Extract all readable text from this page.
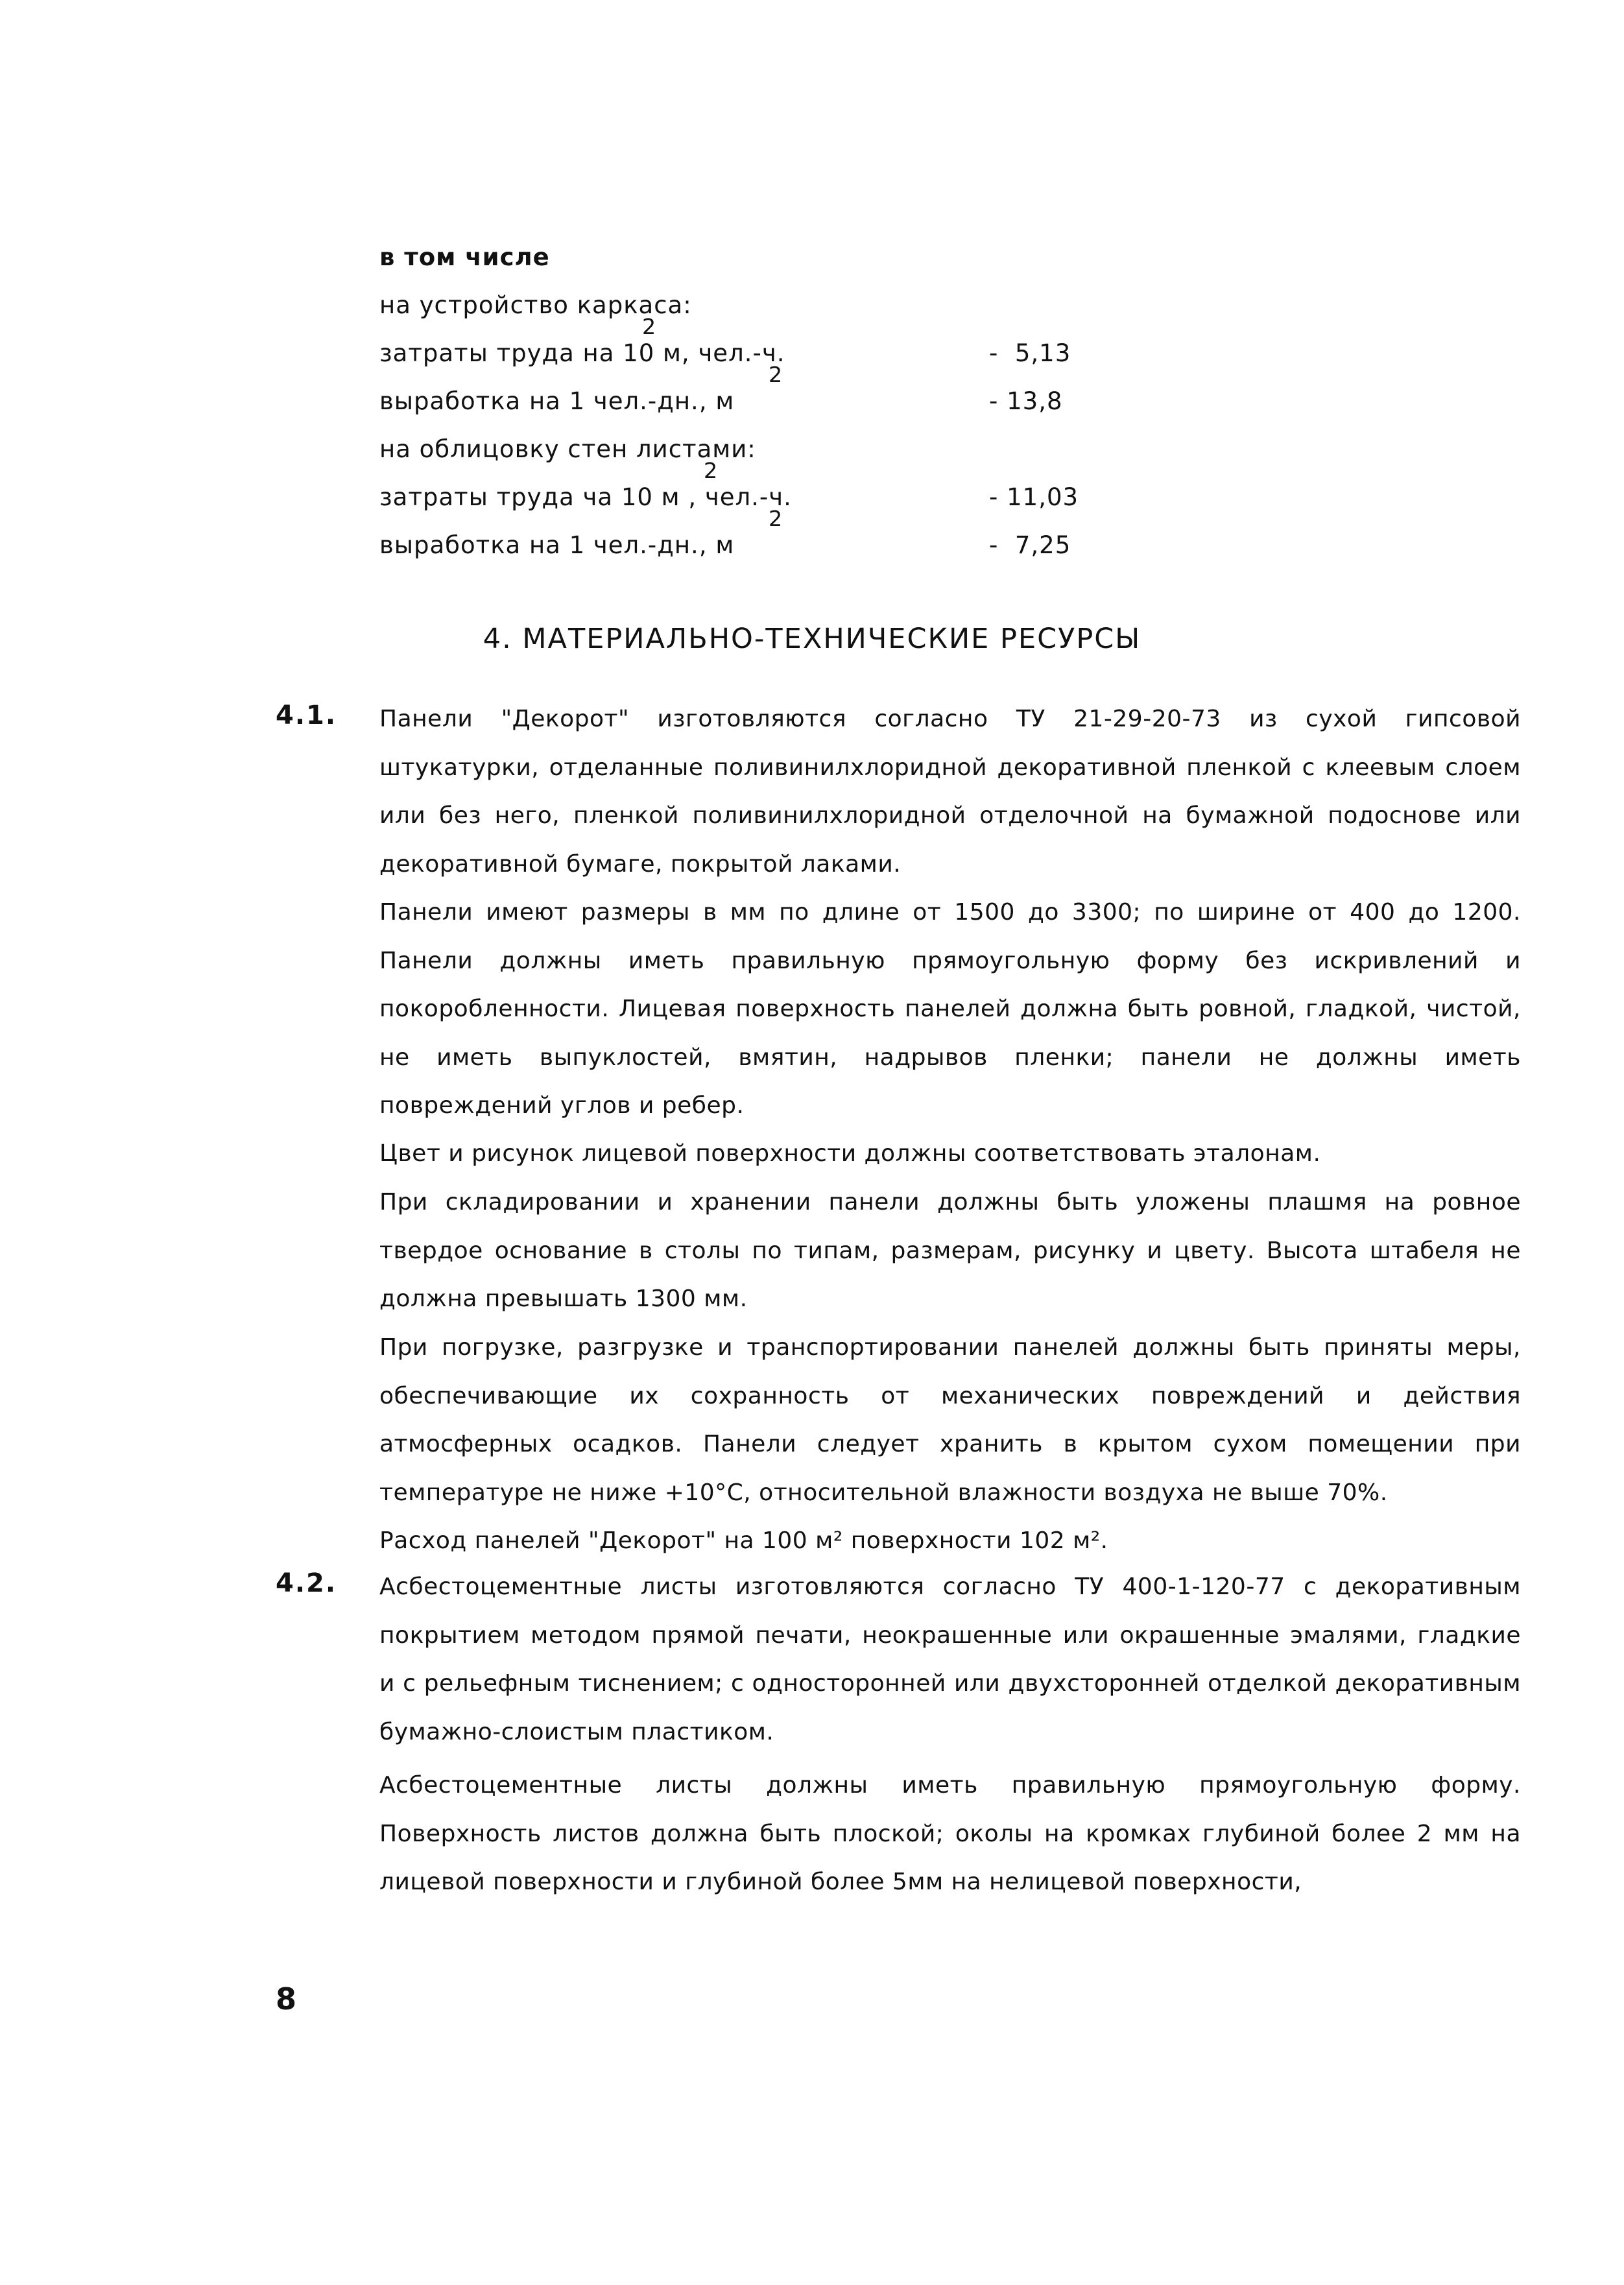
в том числе
на устройство каркаса:
затраты труда на 10 м, чел.-ч.
2
-  5,13
выработка на 1 чел.-дн., м
2
- 13,8
на облицовку стен листами:
затраты труда ча 10 м , чел.-ч.
2
- 11,03
выработка на 1 чел.-дн., м
2
-  7,25
4. МАТЕРИАЛЬНО-ТЕХНИЧЕСКИЕ РЕСУРСЫ
4.1. Панели "Декорот" изготовляются согласно ТУ 21-29-20-73 из сухой гипсовой штукатурки, отделанные поливинилхлоридной декоративной пленкой с клеевым слоем или без него, пленкой поливинилхлоридной отделочной на бумажной подоснове или декоративной бумаге, покрытой лаками.
Панели имеют размеры в мм по длине от 1500 до 3300; по ширине от 400 до 1200. Панели должны иметь правильную прямоугольную форму без искривлений и покоробленности. Лицевая поверхность панелей должна быть ровной, гладкой, чистой, не иметь выпуклостей, вмятин, надрывов пленки; панели не должны иметь повреждений углов и ребер.
Цвет и рисунок лицевой поверхности должны соответствовать эталонам.
При складировании и хранении панели должны быть уложены плашмя на ровное твердое основание в столы по типам, размерам, рисунку и цвету. Высота штабеля не должна превышать 1300 мм.
При погрузке, разгрузке и транспортировании панелей должны быть приняты меры, обеспечивающие их сохранность от механических повреждений и действия атмосферных осадков. Панели следует хранить в крытом сухом помещении при температуре не ниже +10°С, относительной влажности воздуха не выше 70%.
Расход панелей "Декорот" на 100 м² поверхности 102 м².
4.2. Асбестоцементные листы изготовляются согласно ТУ 400-1-120-77 с декоративным покрытием методом прямой печати, неокрашенные или окрашенные эмалями, гладкие и с рельефным тиснением; с односторонней или двухсторонней отделкой декоративным бумажно-слоистым пластиком.
Асбестоцементные листы должны иметь правильную прямоугольную форму. Поверхность листов должна быть плоской; околы на кромках глубиной более 2 мм на лицевой поверхности и глубиной более 5мм на нелицевой поверхности,
8
